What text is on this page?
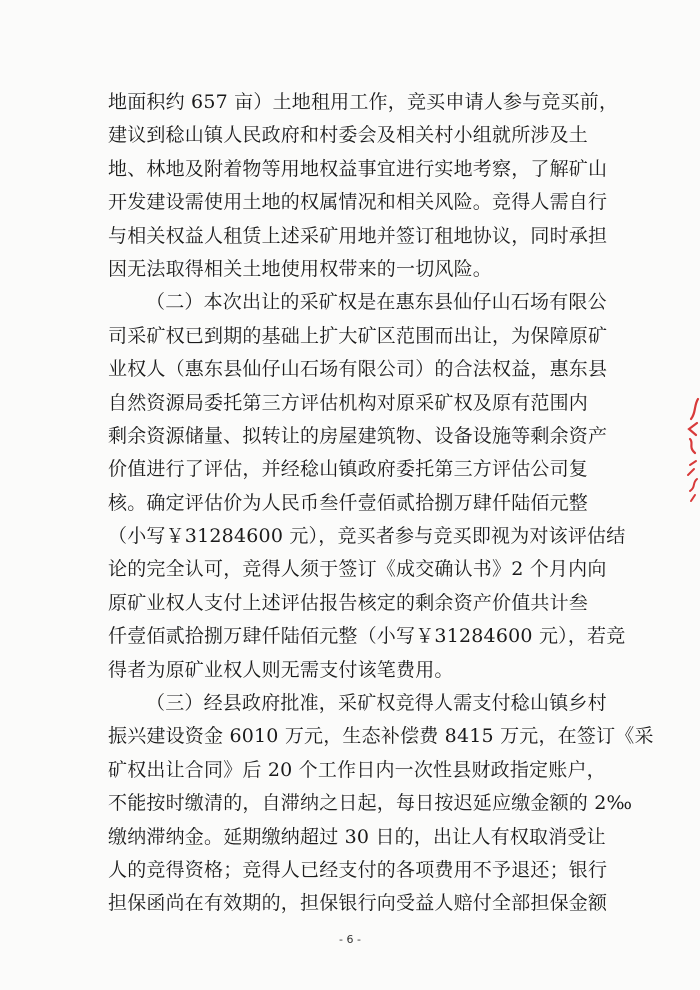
地面积约 657 亩）土地租用工作，竞买申请人参与竞买前，
建议到稔山镇人民政府和村委会及相关村小组就所涉及土
地、林地及附着物等用地权益事宜进行实地考察，了解矿山
开发建设需使用土地的权属情况和相关风险。竞得人需自行
与相关权益人租赁上述采矿用地并签订租地协议，同时承担
因无法取得相关土地使用权带来的一切风险。
（二）本次出让的采矿权是在惠东县仙仔山石场有限公
司采矿权已到期的基础上扩大矿区范围而出让，为保障原矿
业权人（惠东县仙仔山石场有限公司）的合法权益，惠东县
自然资源局委托第三方评估机构对原采矿权及原有范围内
剩余资源储量、拟转让的房屋建筑物、设备设施等剩余资产
价值进行了评估，并经稔山镇政府委托第三方评估公司复
核。确定评估价为人民币叁仟壹佰贰拾捌万肆仟陆佰元整
（小写￥31284600 元），竞买者参与竞买即视为对该评估结
论的完全认可，竞得人须于签订《成交确认书》2 个月内向
原矿业权人支付上述评估报告核定的剩余资产价值共计叁
仟壹佰贰拾捌万肆仟陆佰元整（小写￥31284600 元），若竞
得者为原矿业权人则无需支付该笔费用。
（三）经县政府批准，采矿权竞得人需支付稔山镇乡村
振兴建设资金 6010 万元，生态补偿费 8415 万元，在签订《采
矿权出让合同》后 20 个工作日内一次性县财政指定账户，
不能按时缴清的，自滞纳之日起，每日按迟延应缴金额的 2‰
缴纳滞纳金。延期缴纳超过 30 日的，出让人有权取消受让
人的竞得资格；竞得人已经支付的各项费用不予退还；银行
担保函尚在有效期的，担保银行向受益人赔付全部担保金额
- 6 -
